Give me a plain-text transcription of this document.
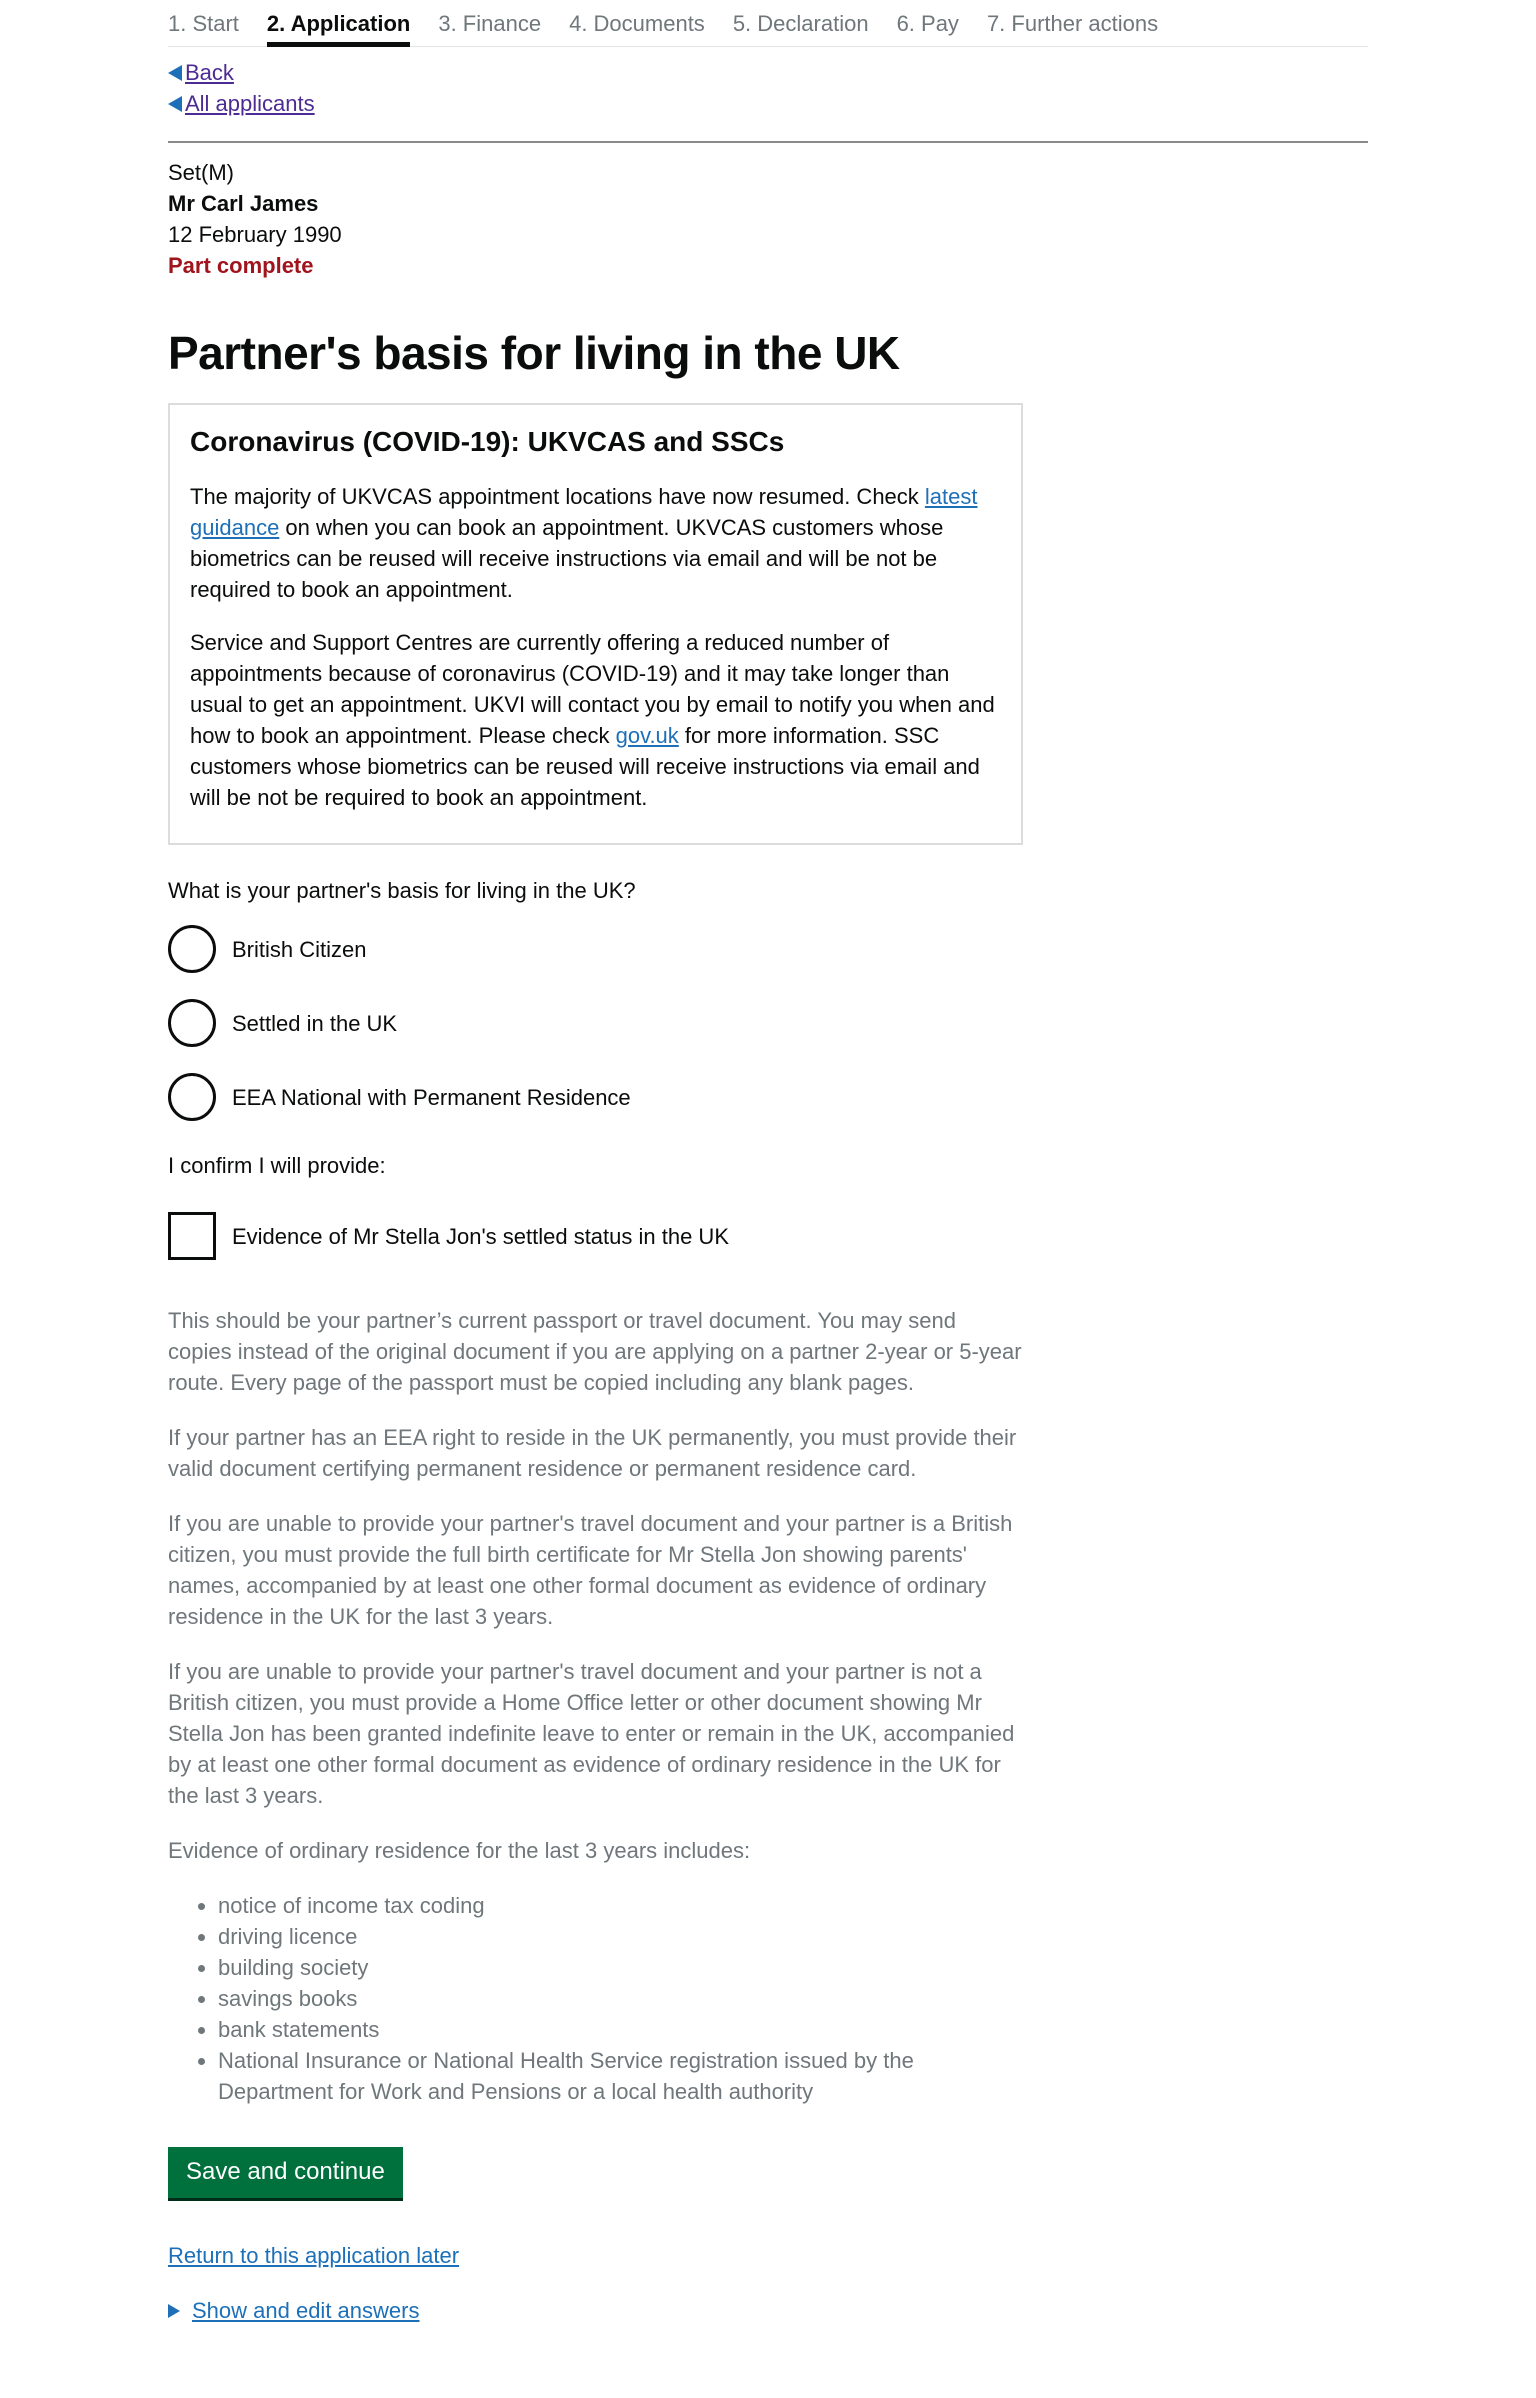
1. Start 2. Application 3. Finance 4. Documents 5. Declaration 6. Pay 7. Further actions
Back
All applicants
Set(M)
Mr Carl James
12 February 1990
Part complete
Partner's basis for living in the UK
Coronavirus (COVID-19): UKVCAS and SSCs

The majority of UKVCAS appointment locations have now resumed. Check latest guidance on when you can book an appointment. UKVCAS customers whose biometrics can be reused will receive instructions via email and will be not be required to book an appointment.

Service and Support Centres are currently offering a reduced number of appointments because of coronavirus (COVID-19) and it may take longer than usual to get an appointment. UKVI will contact you by email to notify you when and how to book an appointment. Please check gov.uk for more information. SSC customers whose biometrics can be reused will receive instructions via email and will be not be required to book an appointment.

What is your partner's basis for living in the UK?
British Citizen
Settled in the UK
EEA National with Permanent Residence
I confirm I will provide:
Evidence of Mr Stella Jon's settled status in the UK

This should be your partner’s current passport or travel document. You may send copies instead of the original document if you are applying on a partner 2-year or 5-year route. Every page of the passport must be copied including any blank pages.

If your partner has an EEA right to reside in the UK permanently, you must provide their valid document certifying permanent residence or permanent residence card.

If you are unable to provide your partner's travel document and your partner is a British citizen, you must provide the full birth certificate for Mr Stella Jon showing parents' names, accompanied by at least one other formal document as evidence of ordinary residence in the UK for the last 3 years.

If you are unable to provide your partner's travel document and your partner is not a British citizen, you must provide a Home Office letter or other document showing Mr Stella Jon has been granted indefinite leave to enter or remain in the UK, accompanied by at least one other formal document as evidence of ordinary residence in the UK for the last 3 years.

Evidence of ordinary residence for the last 3 years includes:

• notice of income tax coding
• driving licence
• building society
• savings books
• bank statements
• National Insurance or National Health Service registration issued by the Department for Work and Pensions or a local health authority
Save and continue
Return to this application later
Show and edit answers
